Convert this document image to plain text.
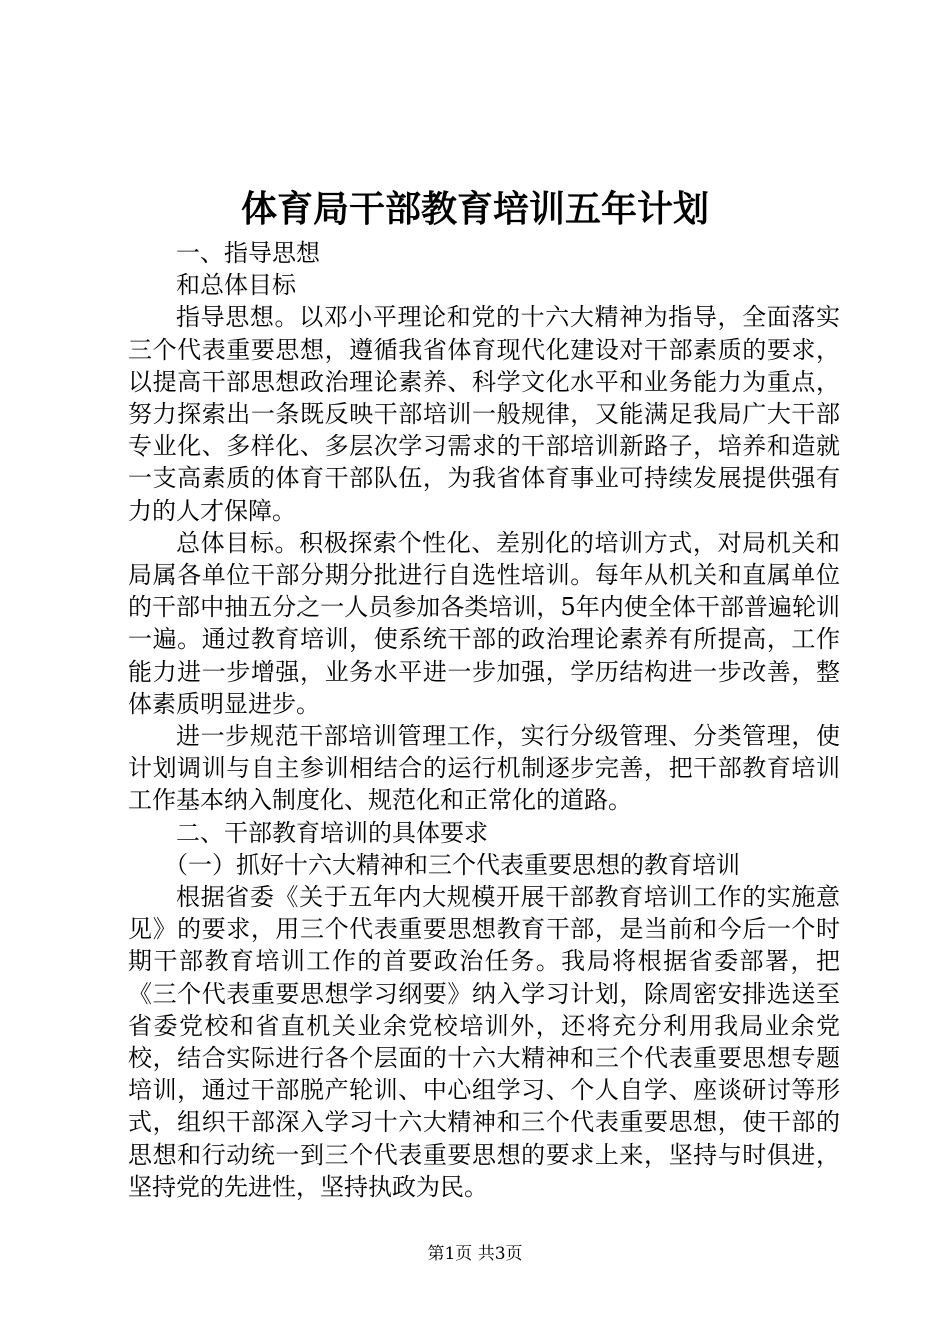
体育局干部教育培训五年计划

一、指导思想

和总体目标

指导思想。以邓小平理论和党的十六大精神为指导，全面落实三个代表重要思想，遵循我省体育现代化建设对干部素质的要求，以提高干部思想政治理论素养、科学文化水平和业务能力为重点，努力探索出一条既反映干部培训一般规律，又能满足我局广大干部专业化、多样化、多层次学习需求的干部培训新路子，培养和造就一支高素质的体育干部队伍，为我省体育事业可持续发展提供强有力的人才保障。

总体目标。积极探索个性化、差别化的培训方式，对局机关和局属各单位干部分期分批进行自选性培训。每年从机关和直属单位的干部中抽五分之一人员参加各类培训，5年内使全体干部普遍轮训一遍。通过教育培训，使系统干部的政治理论素养有所提高，工作能力进一步增强，业务水平进一步加强，学历结构进一步改善，整体素质明显进步。

进一步规范干部培训管理工作，实行分级管理、分类管理，使计划调训与自主参训相结合的运行机制逐步完善，把干部教育培训工作基本纳入制度化、规范化和正常化的道路。

二、干部教育培训的具体要求

（一）抓好十六大精神和三个代表重要思想的教育培训

根据省委《关于五年内大规模开展干部教育培训工作的实施意见》的要求，用三个代表重要思想教育干部，是当前和今后一个时期干部教育培训工作的首要政治任务。我局将根据省委部署，把《三个代表重要思想学习纲要》纳入学习计划，除周密安排选送至省委党校和省直机关业余党校培训外，还将充分利用我局业余党校，结合实际进行各个层面的十六大精神和三个代表重要思想专题培训，通过干部脱产轮训、中心组学习、个人自学、座谈研讨等形式，组织干部深入学习十六大精神和三个代表重要思想，使干部的思想和行动统一到三个代表重要思想的要求上来，坚持与时俱进，坚持党的先进性，坚持执政为民。

第1页 共3页
